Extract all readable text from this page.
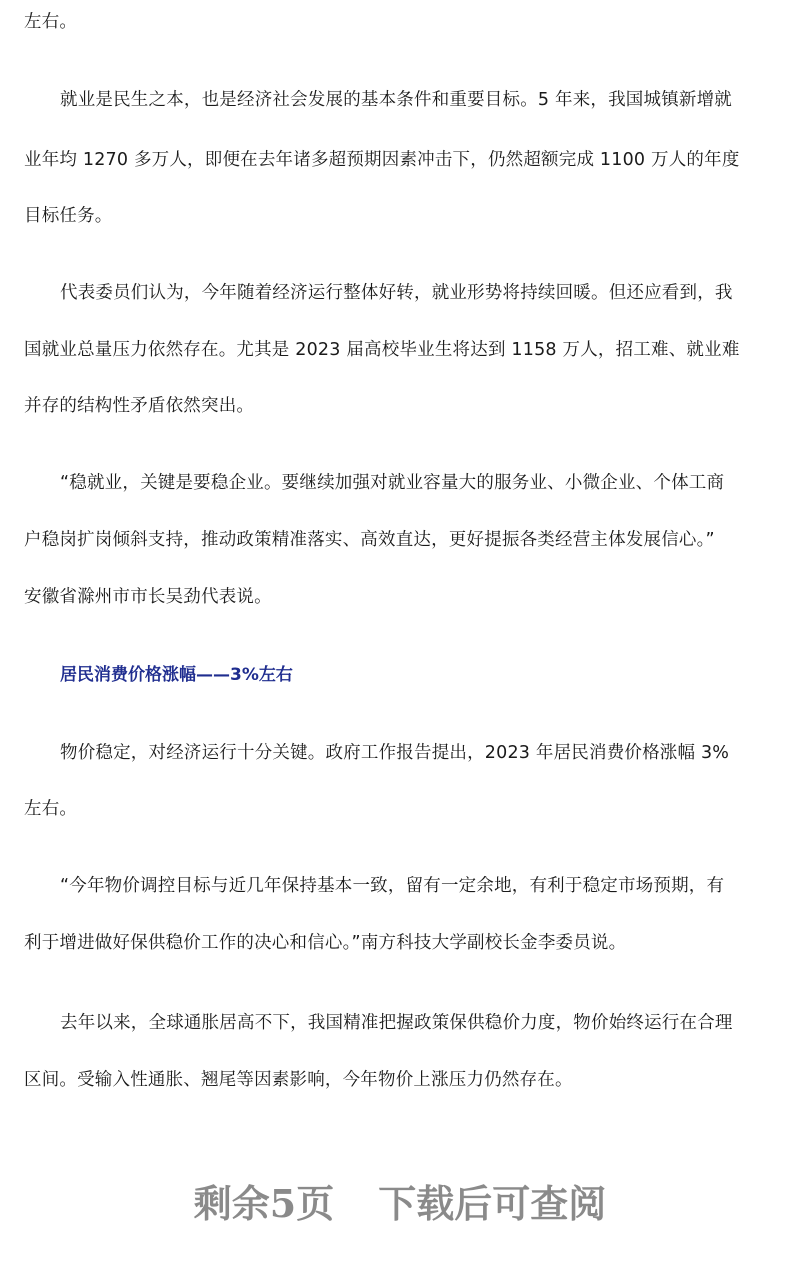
左右。
就业是民生之本，也是经济社会发展的基本条件和重要目标。5 年来，我国城镇新增就
业年均 1270 多万人，即便在去年诸多超预期因素冲击下，仍然超额完成 1100 万人的年度
目标任务。
代表委员们认为，今年随着经济运行整体好转，就业形势将持续回暖。但还应看到，我
国就业总量压力依然存在。尤其是 2023 届高校毕业生将达到 1158 万人，招工难、就业难
并存的结构性矛盾依然突出。
“稳就业，关键是要稳企业。要继续加强对就业容量大的服务业、小微企业、个体工商
户稳岗扩岗倾斜支持，推动政策精准落实、高效直达，更好提振各类经营主体发展信心。”
安徽省滁州市市长吴劲代表说。
居民消费价格涨幅——3%左右
物价稳定，对经济运行十分关键。政府工作报告提出，2023 年居民消费价格涨幅 3%
左右。
“今年物价调控目标与近几年保持基本一致，留有一定余地，有利于稳定市场预期，有
利于增进做好保供稳价工作的决心和信心。”南方科技大学副校长金李委员说。
去年以来，全球通胀居高不下，我国精准把握政策保供稳价力度，物价始终运行在合理
区间。受输入性通胀、翘尾等因素影响，今年物价上涨压力仍然存在。
剩余5页 下载后可查阅
